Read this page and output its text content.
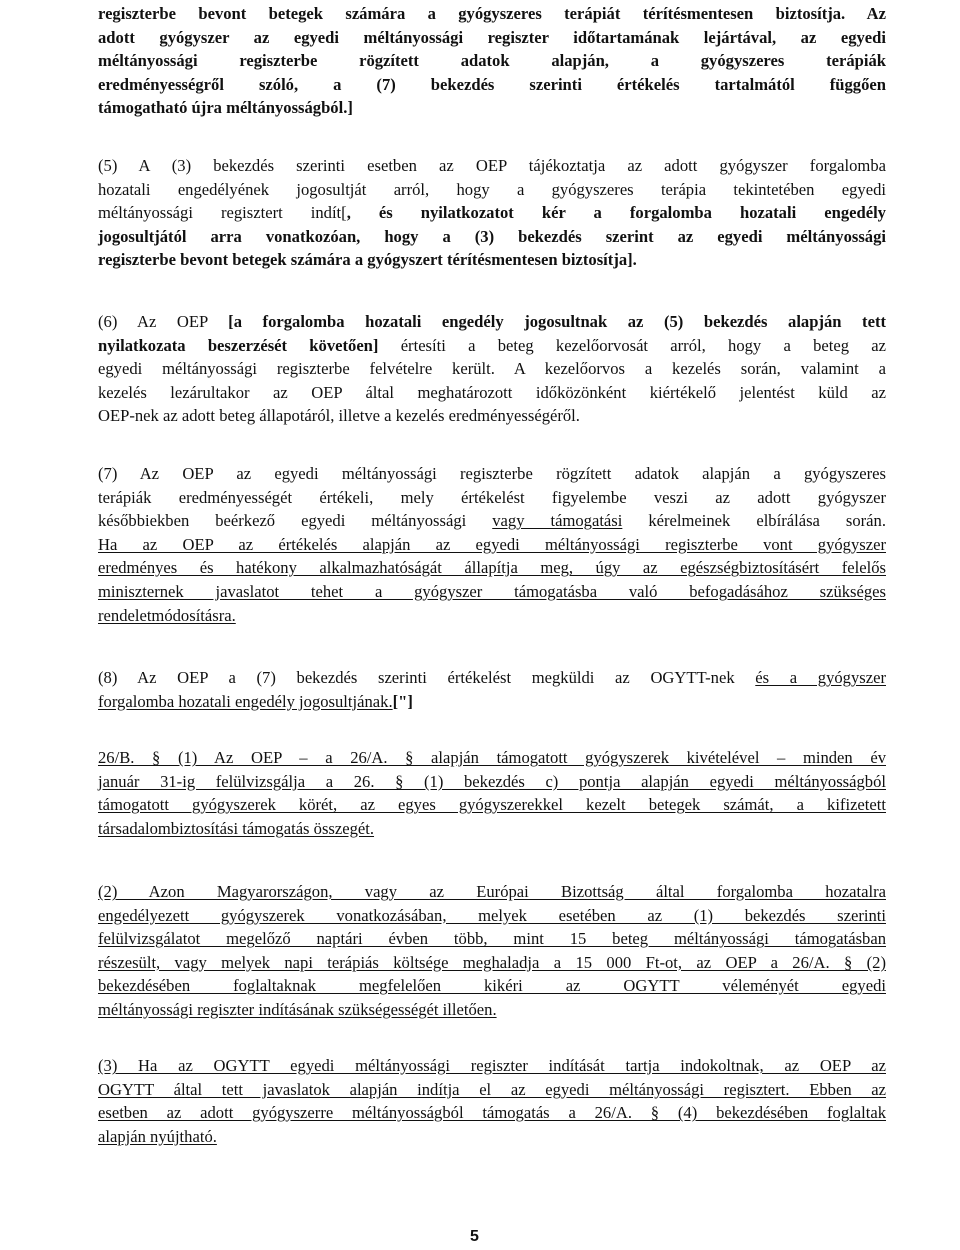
regiszterbe bevont betegek számára a gyógyszeres terápiát térítésmentesen biztosítja. Az
adott gyógyszer az egyedi méltányossági regiszter időtartamának lejártával, az egyedi
méltányossági regiszterbe rögzített adatok alapján, a gyógyszeres terápiák
eredményességről szóló, a (7) bekezdés szerinti értékelés tartalmától függően
támogatható újra méltányosságból.]
(5) A (3) bekezdés szerinti esetben az OEP tájékoztatja az adott gyógyszer forgalomba
hozatali engedélyének jogosultját arról, hogy a gyógyszeres terápia tekintetében egyedi
méltányossági regisztert indít[, és nyilatkozatot kér a forgalomba hozatali engedély
jogosultjától arra vonatkozóan, hogy a (3) bekezdés szerint az egyedi méltányossági
regiszterbe bevont betegek számára a gyógyszert térítésmentesen biztosítja].
(6) Az OEP [a forgalomba hozatali engedély jogosultnak az (5) bekezdés alapján tett
nyilatkozata beszerzését követően] értesíti a beteg kezelőorvosát arról, hogy a beteg az
egyedi méltányossági regiszterbe felvételre került. A kezelőorvos a kezelés során, valamint a
kezelés lezárultakor az OEP által meghatározott időközönként kiértékelő jelentést küld az
OEP-nek az adott beteg állapotáról, illetve a kezelés eredményességéről.
(7) Az OEP az egyedi méltányossági regiszterbe rögzített adatok alapján a gyógyszeres
terápiák eredményességét értékeli, mely értékelést figyelembe veszi az adott gyógyszer
későbbiekben beérkező egyedi méltányossági vagy támogatási kérelmeinek elbírálása során.
Ha az OEP az értékelés alapján az egyedi méltányossági regiszterbe vont gyógyszer
eredményes és hatékony alkalmazhatóságát állapítja meg, úgy az egészségbiztosításért felelős
miniszternek javaslatot tehet a gyógyszer támogatásba való befogadásához szükséges
rendeletmódosításra.
(8) Az OEP a (7) bekezdés szerinti értékelést megküldi az OGYTT-nek és a gyógyszer
forgalomba hozatali engedély jogosultjának.["]
26/B. § (1) Az OEP – a 26/A. § alapján támogatott gyógyszerek kivételével – minden év
január 31-ig felülvizsgálja a 26. § (1) bekezdés c) pontja alapján egyedi méltányosságból
támogatott gyógyszerek körét, az egyes gyógyszerekkel kezelt betegek számát, a kifizetett
társadalombiztosítási támogatás összegét.
(2) Azon Magyarországon, vagy az Európai Bizottság által forgalomba hozatalra
engedélyezett gyógyszerek vonatkozásában, melyek esetében az (1) bekezdés szerinti
felülvizsgálatot megelőző naptári évben több, mint 15 beteg méltányossági támogatásban
részesült, vagy melyek napi terápiás költsége meghaladja a 15 000 Ft-ot, az OEP a 26/A. § (2)
bekezdésében foglaltaknak megfelelően kikéri az OGYTT véleményét egyedi
méltányossági regiszter indításának szükségességét illetően.
(3) Ha az OGYTT egyedi méltányossági regiszter indítását tartja indokoltnak, az OEP az
OGYTT által tett javaslatok alapján indítja el az egyedi méltányossági regisztert. Ebben az
esetben az adott gyógyszerre méltányosságból támogatás a 26/A. § (4) bekezdésében foglaltak
alapján nyújtható.
5
